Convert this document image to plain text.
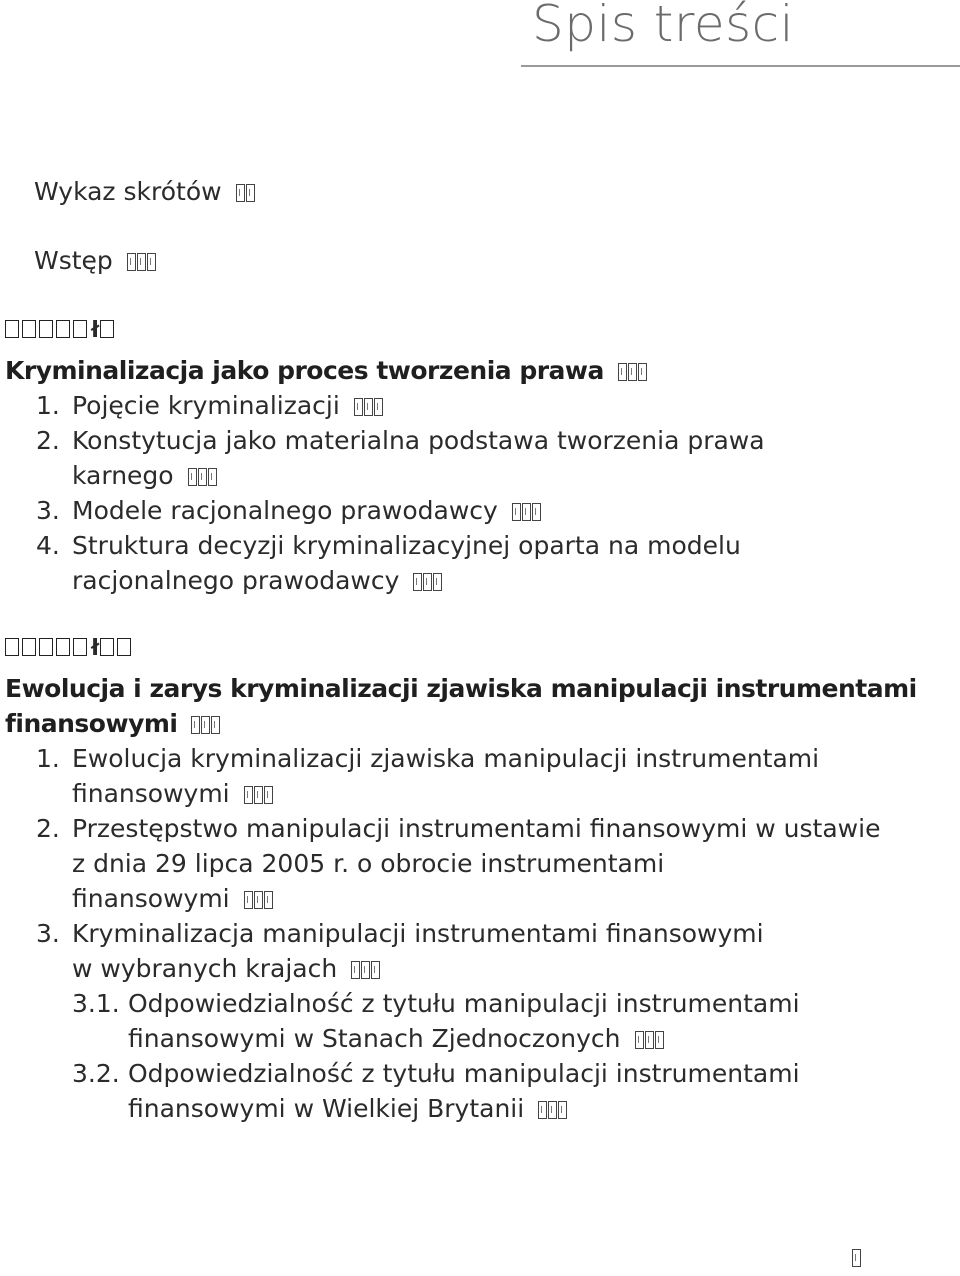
Spis treści
Wykaz skrótów
Wstęp
ł
Kryminalizacja jako proces tworzenia prawa
1. Pojęcie kryminalizacji
2. Konstytucja jako materialna podstawa tworzenia prawa
karnego
3. Modele racjonalnego prawodawcy
4. Struktura decyzji kryminalizacyjnej oparta na modelu
racjonalnego prawodawcy
ł
Ewolucja i zarys kryminalizacji zjawiska manipulacji instrumentami
finansowymi
1. Ewolucja kryminalizacji zjawiska manipulacji instrumentami
finansowymi
2. Przestępstwo manipulacji instrumentami finansowymi w ustawie
z dnia 29 lipca 2005 r. o obrocie instrumentami
finansowymi
3. Kryminalizacja manipulacji instrumentami finansowymi
w wybranych krajach
3.1. Odpowiedzialność z tytułu manipulacji instrumentami
finansowymi w Stanach Zjednoczonych
3.2. Odpowiedzialność z tytułu manipulacji instrumentami
finansowymi w Wielkiej Brytanii
